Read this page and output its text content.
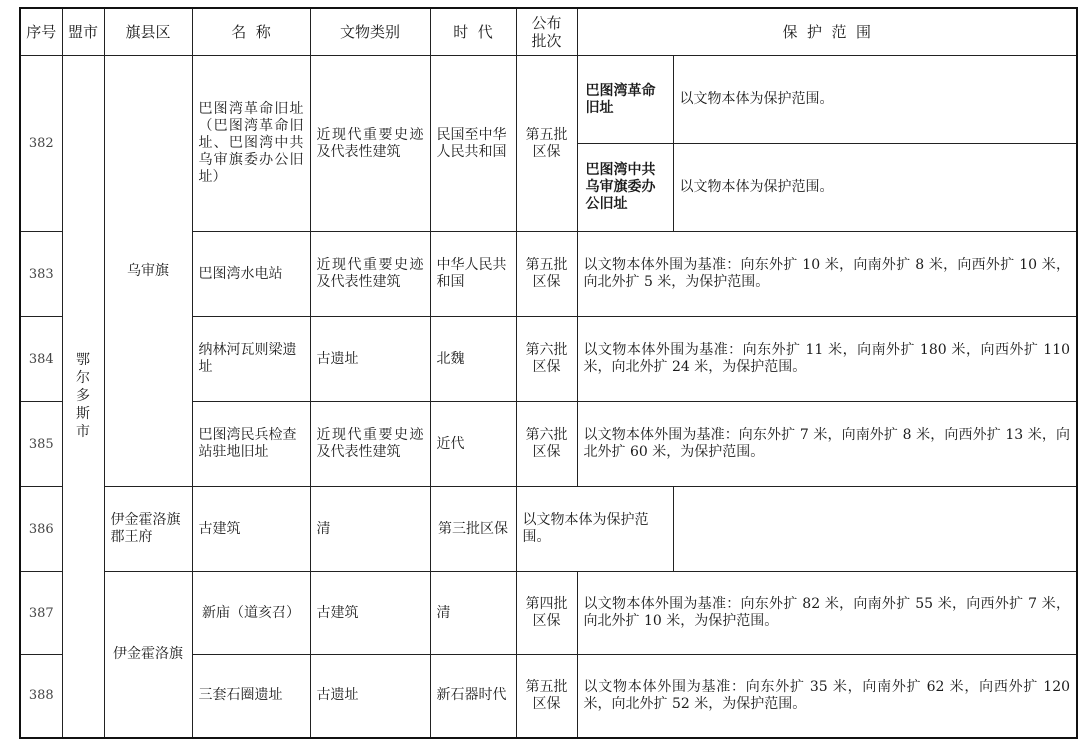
序号	盟市	旗县区	名  称	文物类别	时  代	公布批次	保  护  范  围	
382	鄂尔多斯市	乌审旗	巴图湾革命旧址（巴图湾革命旧址、巴图湾中共乌审旗委办公旧址）	近现代重要史迹及代表性建筑	民国至中华人民共和国	第五批区保	巴图湾革命旧址	以文物本体为保护范围。
							巴图湾中共乌审旗委办公旧址	以文物本体为保护范围。
383			巴图湾水电站	近现代重要史迹及代表性建筑	中华人民共和国	第五批区保	以文物本体外围为基准：向东外扩 10 米，向南外扩 8 米，向西外扩 10 米，向北外扩 5 米，为保护范围。	
384			纳林河瓦则梁遗址	古遗址	北魏	第六批区保	以文物本体外围为基准：向东外扩 11 米，向南外扩 180 米，向西外扩 110 米，向北外扩 24 米，为保护范围。	
385			巴图湾民兵检查站驻地旧址	近现代重要史迹及代表性建筑	近代	第六批区保	以文物本体外围为基准：向东外扩 7 米，向南外扩 8 米，向西外扩 13 米，向北外扩 60 米，为保护范围。	
386		伊金霍洛旗郡王府	古建筑	清	第三批区保	以文物本体为保护范围。		
387		伊金霍洛旗	新庙（道亥召）	古建筑	清	第四批区保	以文物本体外围为基准：向东外扩 82 米，向南外扩 55 米，向西外扩 7 米，向北外扩 10 米，为保护范围。	
388			三套石圈遗址	古遗址	新石器时代	第五批区保	以文物本体外围为基准：向东外扩 35 米，向南外扩 62 米，向西外扩 120 米，向北外扩 52 米，为保护范围。	
